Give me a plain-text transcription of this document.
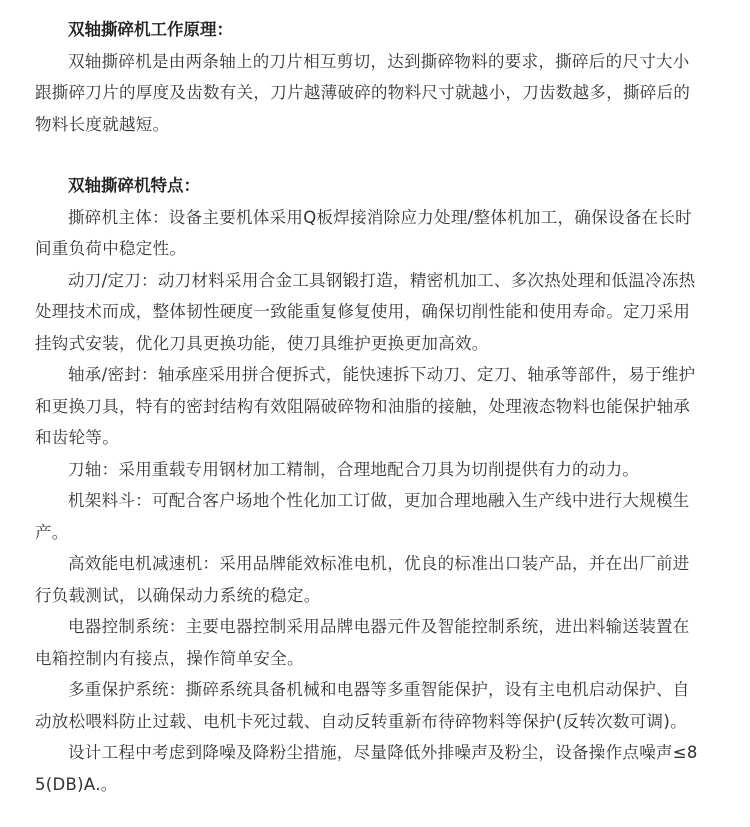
双轴撕碎机工作原理：

双轴撕碎机是由两条轴上的刀片相互剪切，达到撕碎物料的要求，撕碎后的尺寸大小跟撕碎刀片的厚度及齿数有关，刀片越薄破碎的物料尺寸就越小，刀齿数越多，撕碎后的物料长度就越短。

双轴撕碎机特点：

撕碎机主体：设备主要机体采用Q板焊接消除应力处理/整体机加工，确保设备在长时间重负荷中稳定性。

动刀/定刀：动刀材料采用合金工具钢锻打造，精密机加工、多次热处理和低温冷冻热处理技术而成，整体韧性硬度一致能重复修复使用，确保切削性能和使用寿命。定刀采用挂钩式安装，优化刀具更换功能，使刀具维护更换更加高效。

轴承/密封：轴承座采用拼合便拆式，能快速拆下动刀、定刀、轴承等部件，易于维护和更换刀具，特有的密封结构有效阻隔破碎物和油脂的接触，处理液态物料也能保护轴承和齿轮等。

刀轴：采用重载专用钢材加工精制，合理地配合刀具为切削提供有力的动力。

机架料斗：可配合客户场地个性化加工订做，更加合理地融入生产线中进行大规模生产。

高效能电机减速机：采用品牌能效标准电机，优良的标准出口装产品，并在出厂前进行负载测试，以确保动力系统的稳定。

电器控制系统：主要电器控制采用品牌电器元件及智能控制系统，进出料输送装置在电箱控制内有接点，操作简单安全。

多重保护系统：撕碎系统具备机械和电器等多重智能保护，设有主电机启动保护、自动放松喂料防止过载、电机卡死过载、自动反转重新布待碎物料等保护(反转次数可调)。

设计工程中考虑到降噪及降粉尘措施，尽量降低外排噪声及粉尘，设备操作点噪声≤85(DB)A.。
